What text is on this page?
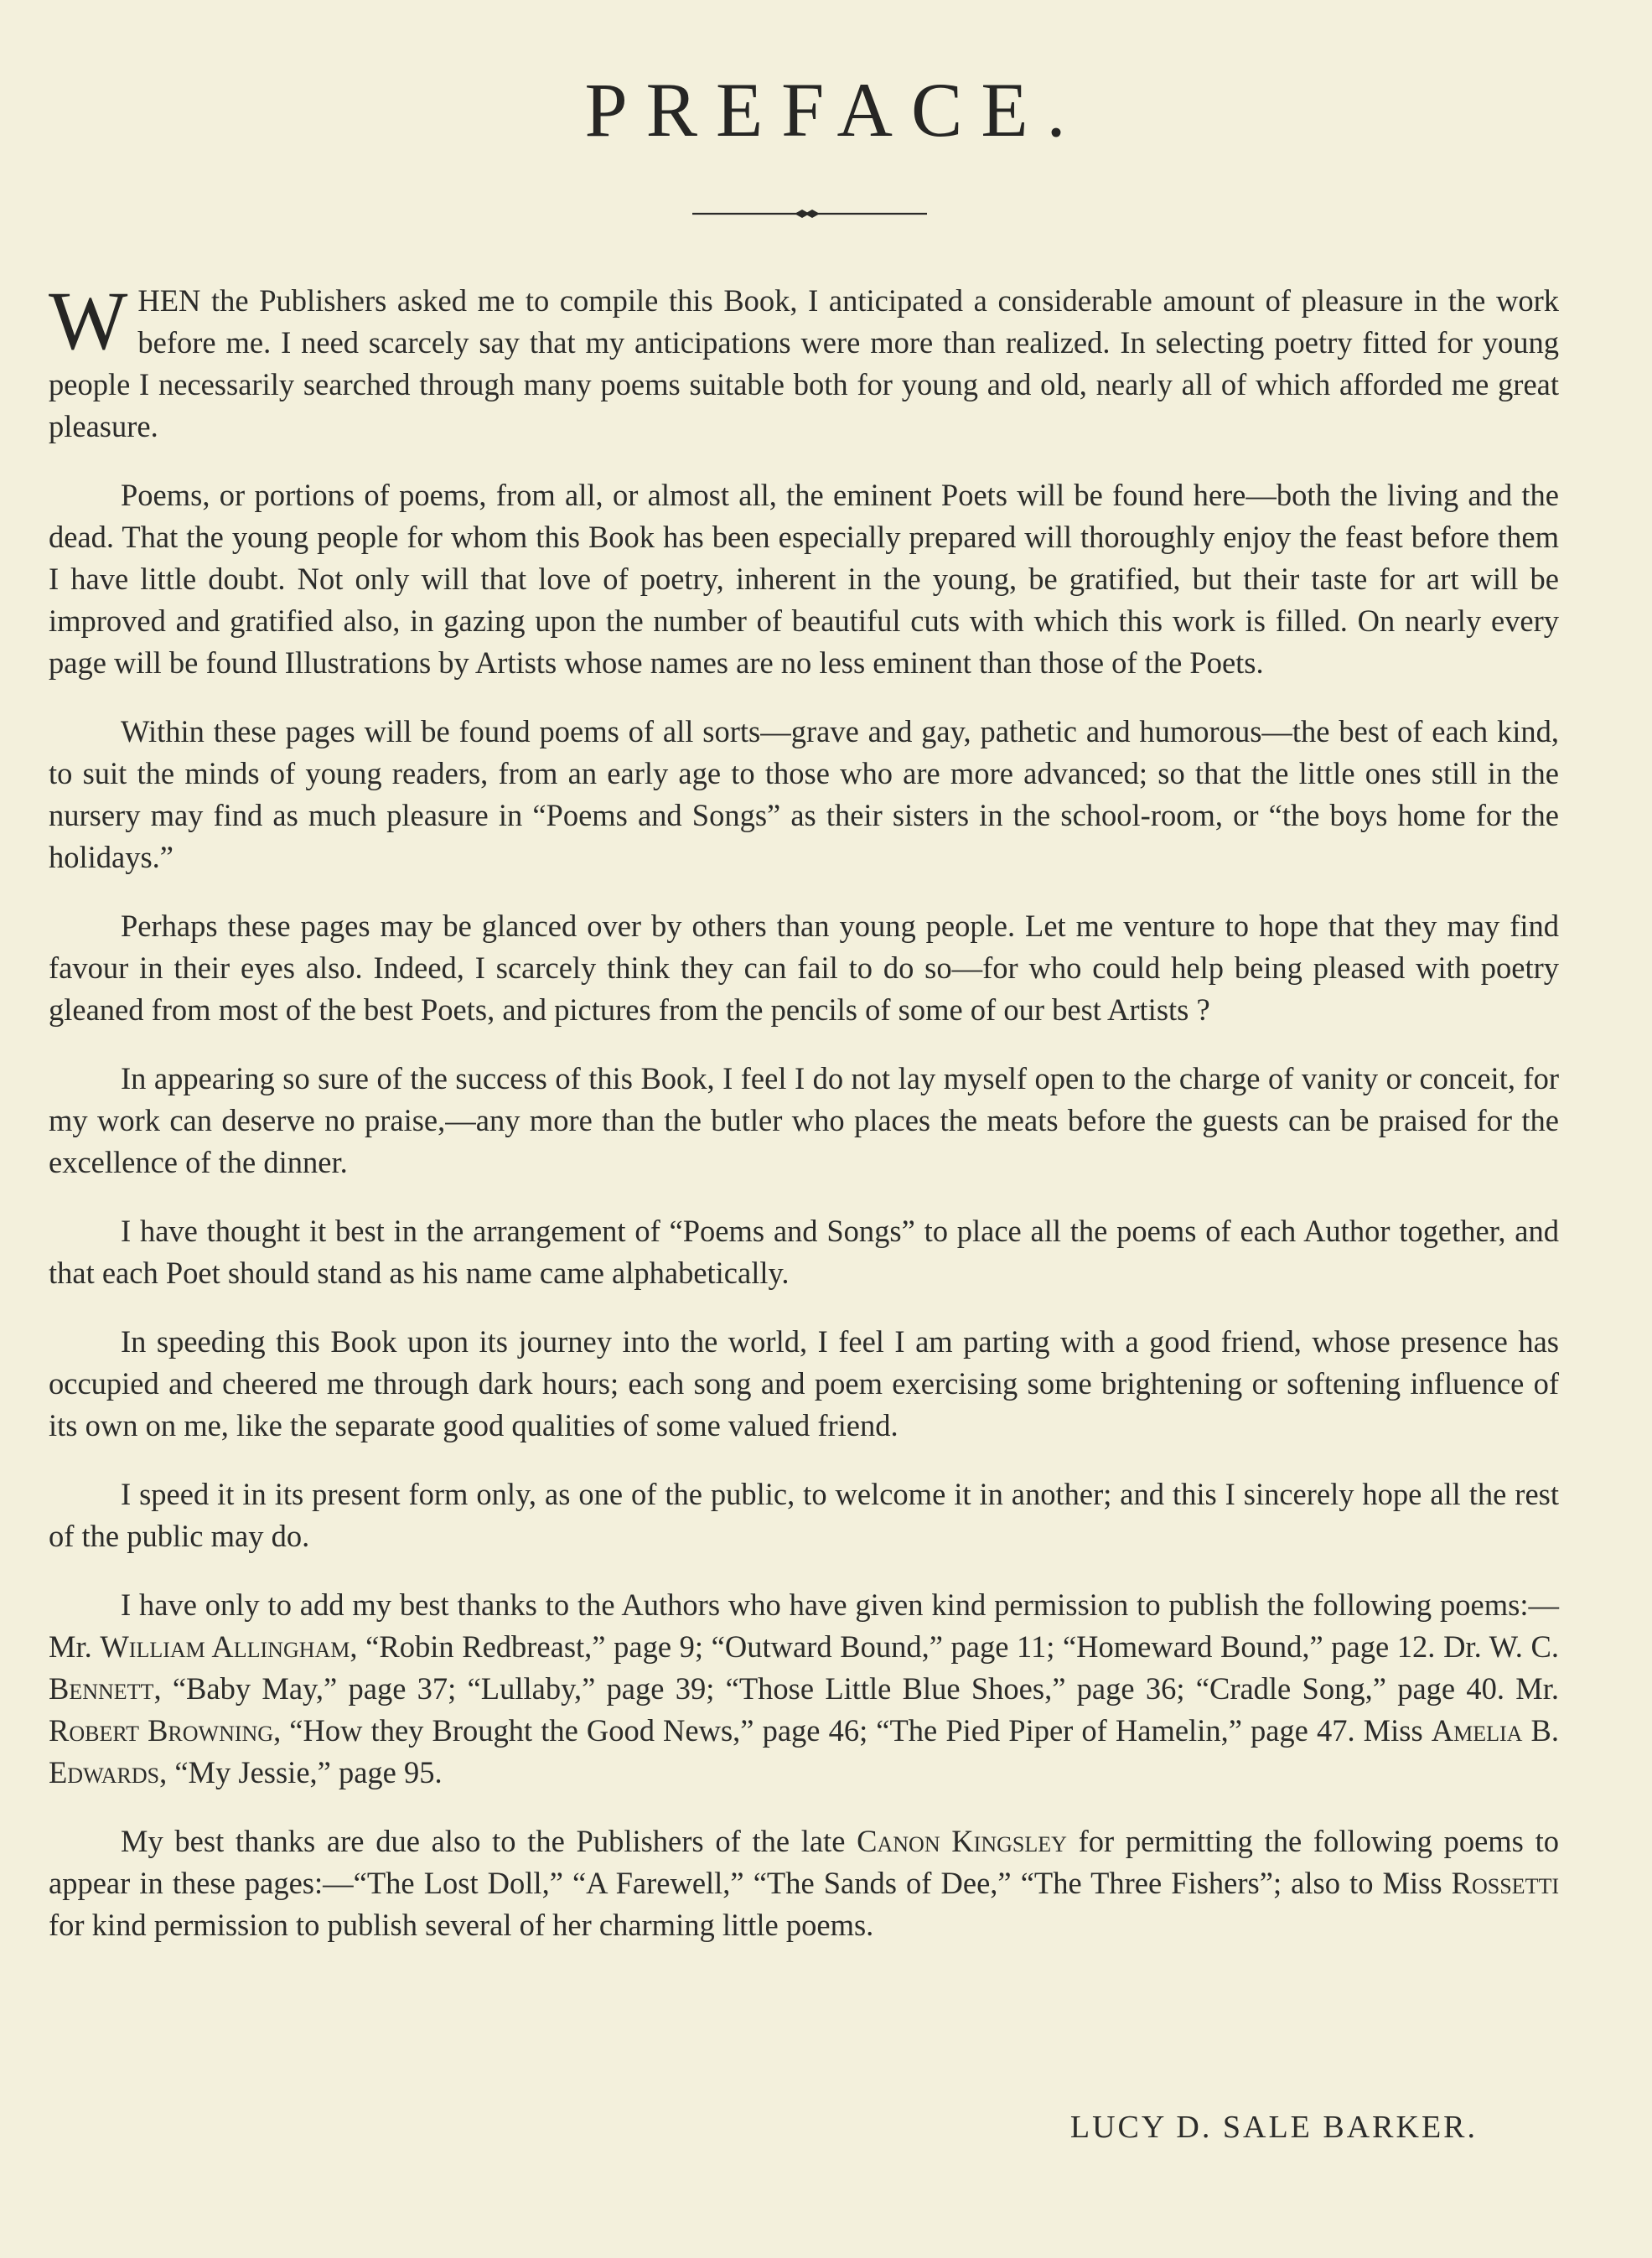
PREFACE.

WHEN the Publishers asked me to compile this Book, I anticipated a considerable amount of pleasure in the work before me. I need scarcely say that my anticipations were more than realized. In selecting poetry fitted for young people I necessarily searched through many poems suitable both for young and old, nearly all of which afforded me great pleasure.

Poems, or portions of poems, from all, or almost all, the eminent Poets will be found here—both the living and the dead. That the young people for whom this Book has been especially prepared will thoroughly enjoy the feast before them I have little doubt. Not only will that love of poetry, inherent in the young, be gratified, but their taste for art will be improved and gratified also, in gazing upon the number of beautiful cuts with which this work is filled. On nearly every page will be found Illustrations by Artists whose names are no less eminent than those of the Poets.

Within these pages will be found poems of all sorts—grave and gay, pathetic and humorous—the best of each kind, to suit the minds of young readers, from an early age to those who are more advanced; so that the little ones still in the nursery may find as much pleasure in “Poems and Songs” as their sisters in the school-room, or “the boys home for the holidays.”

Perhaps these pages may be glanced over by others than young people. Let me venture to hope that they may find favour in their eyes also. Indeed, I scarcely think they can fail to do so—for who could help being pleased with poetry gleaned from most of the best Poets, and pictures from the pencils of some of our best Artists ?

In appearing so sure of the success of this Book, I feel I do not lay myself open to the charge of vanity or conceit, for my work can deserve no praise,—any more than the butler who places the meats before the guests can be praised for the excellence of the dinner.

I have thought it best in the arrangement of “Poems and Songs” to place all the poems of each Author together, and that each Poet should stand as his name came alphabetically.

In speeding this Book upon its journey into the world, I feel I am parting with a good friend, whose presence has occupied and cheered me through dark hours; each song and poem exercising some brightening or softening influence of its own on me, like the separate good qualities of some valued friend.

I speed it in its present form only, as one of the public, to welcome it in another; and this I sincerely hope all the rest of the public may do.

I have only to add my best thanks to the Authors who have given kind permission to publish the following poems:—Mr. William Allingham, “Robin Redbreast,” page 9; “Outward Bound,” page 11; “Homeward Bound,” page 12. Dr. W. C. Bennett, “Baby May,” page 37; “Lullaby,” page 39; “Those Little Blue Shoes,” page 36; “Cradle Song,” page 40. Mr. Robert Browning, “How they Brought the Good News,” page 46; “The Pied Piper of Hamelin,” page 47. Miss Amelia B. Edwards, “My Jessie,” page 95.

My best thanks are due also to the Publishers of the late Canon Kingsley for permitting the following poems to appear in these pages:—“The Lost Doll,” “A Farewell,” “The Sands of Dee,” “The Three Fishers”; also to Miss Rossetti for kind permission to publish several of her charming little poems.

LUCY D. SALE BARKER.
